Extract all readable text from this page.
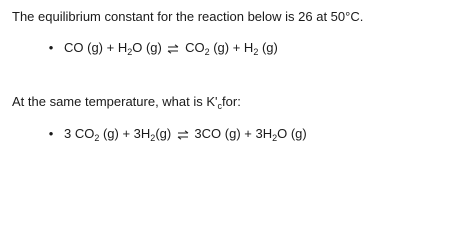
The equilibrium constant for the reaction below is 26 at 50°C.
• CO $(g) + H_2O$ (g) ⇌ $CO_2$ $(g) + H_2$ (g)
At the same temperature, what is $K'_cfor$:
• 3 $CO_2$ $(g) + 3H_2(g)$ ⇌ 3CO $(g) + 3H_2O$ (g)
